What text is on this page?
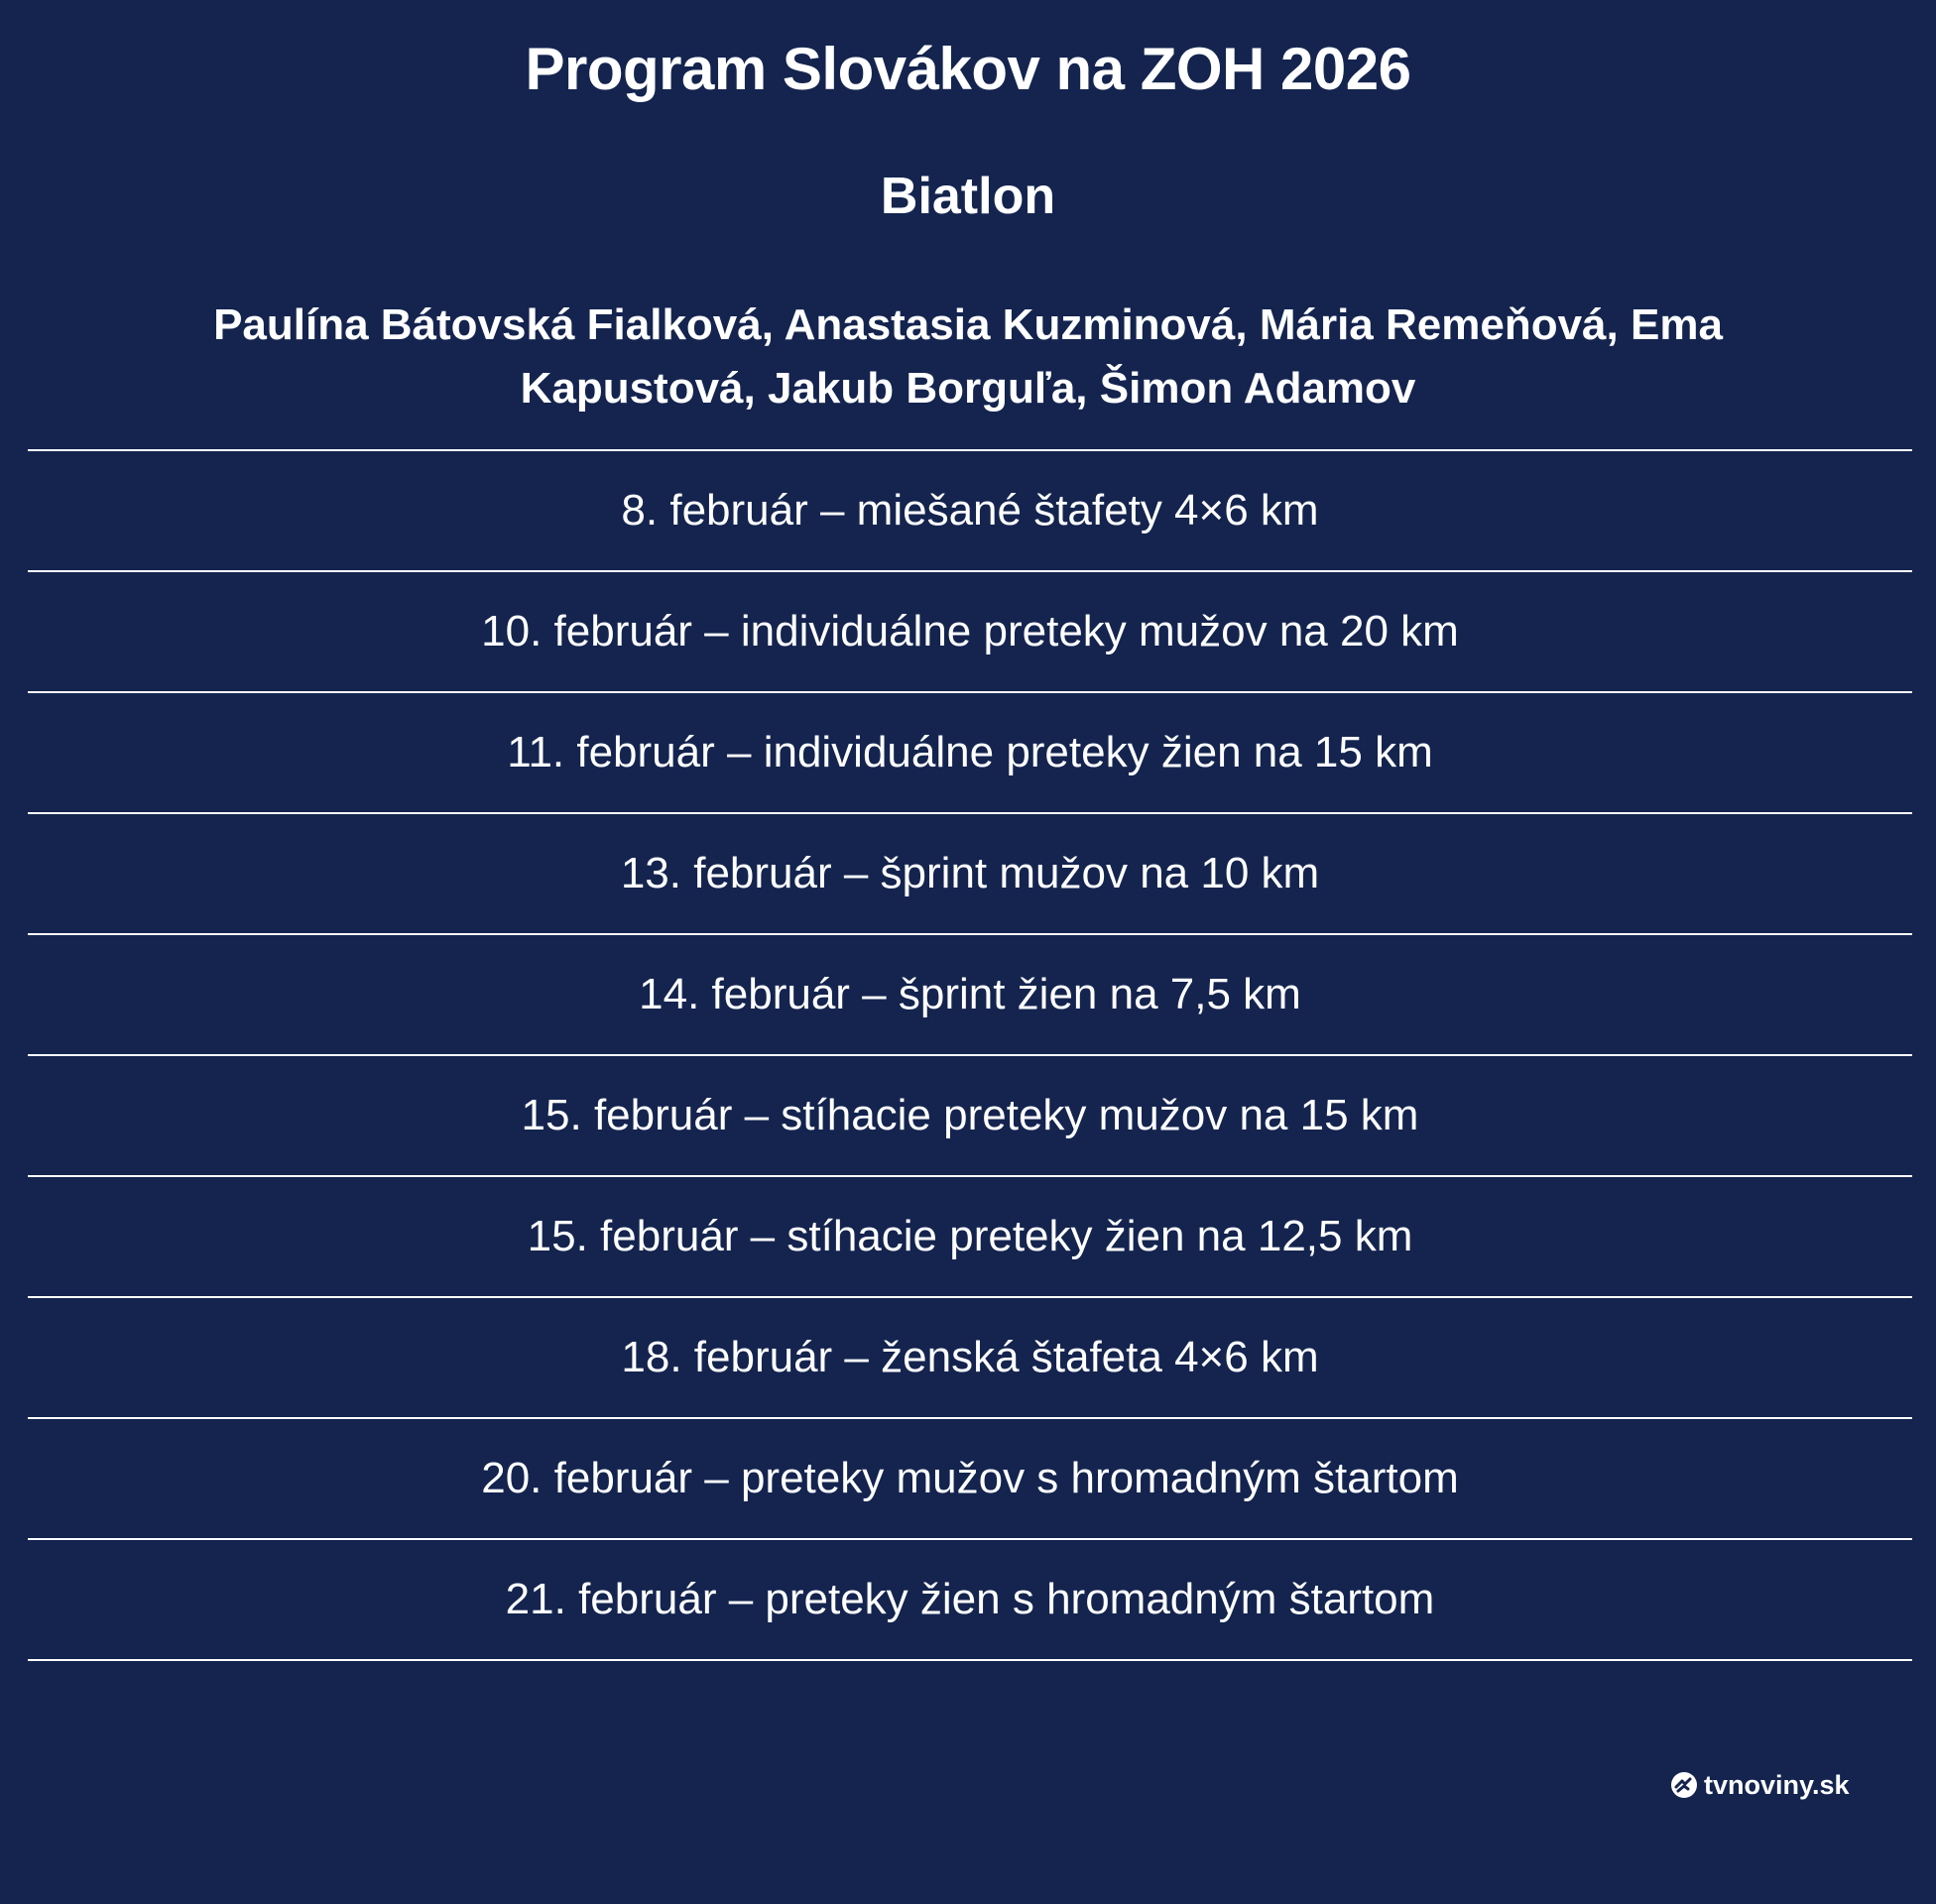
Program Slovákov na ZOH 2026
Biatlon
Paulína Bátovská Fialková, Anastasia Kuzminová, Mária Remeňová, Ema Kapustová, Jakub Borguľa, Šimon Adamov
8. február – miešané štafety 4×6 km
10. február – individuálne preteky mužov na 20 km
11. február – individuálne preteky žien na 15 km
13. február – šprint mužov na 10 km
14. február – šprint žien na 7,5 km
15. február – stíhacie preteky mužov na 15 km
15. február – stíhacie preteky žien na 12,5 km
18. február – ženská štafeta 4×6 km
20. február – preteky mužov s hromadným štartom
21. február – preteky žien s hromadným štartom
tvnoviny.sk
